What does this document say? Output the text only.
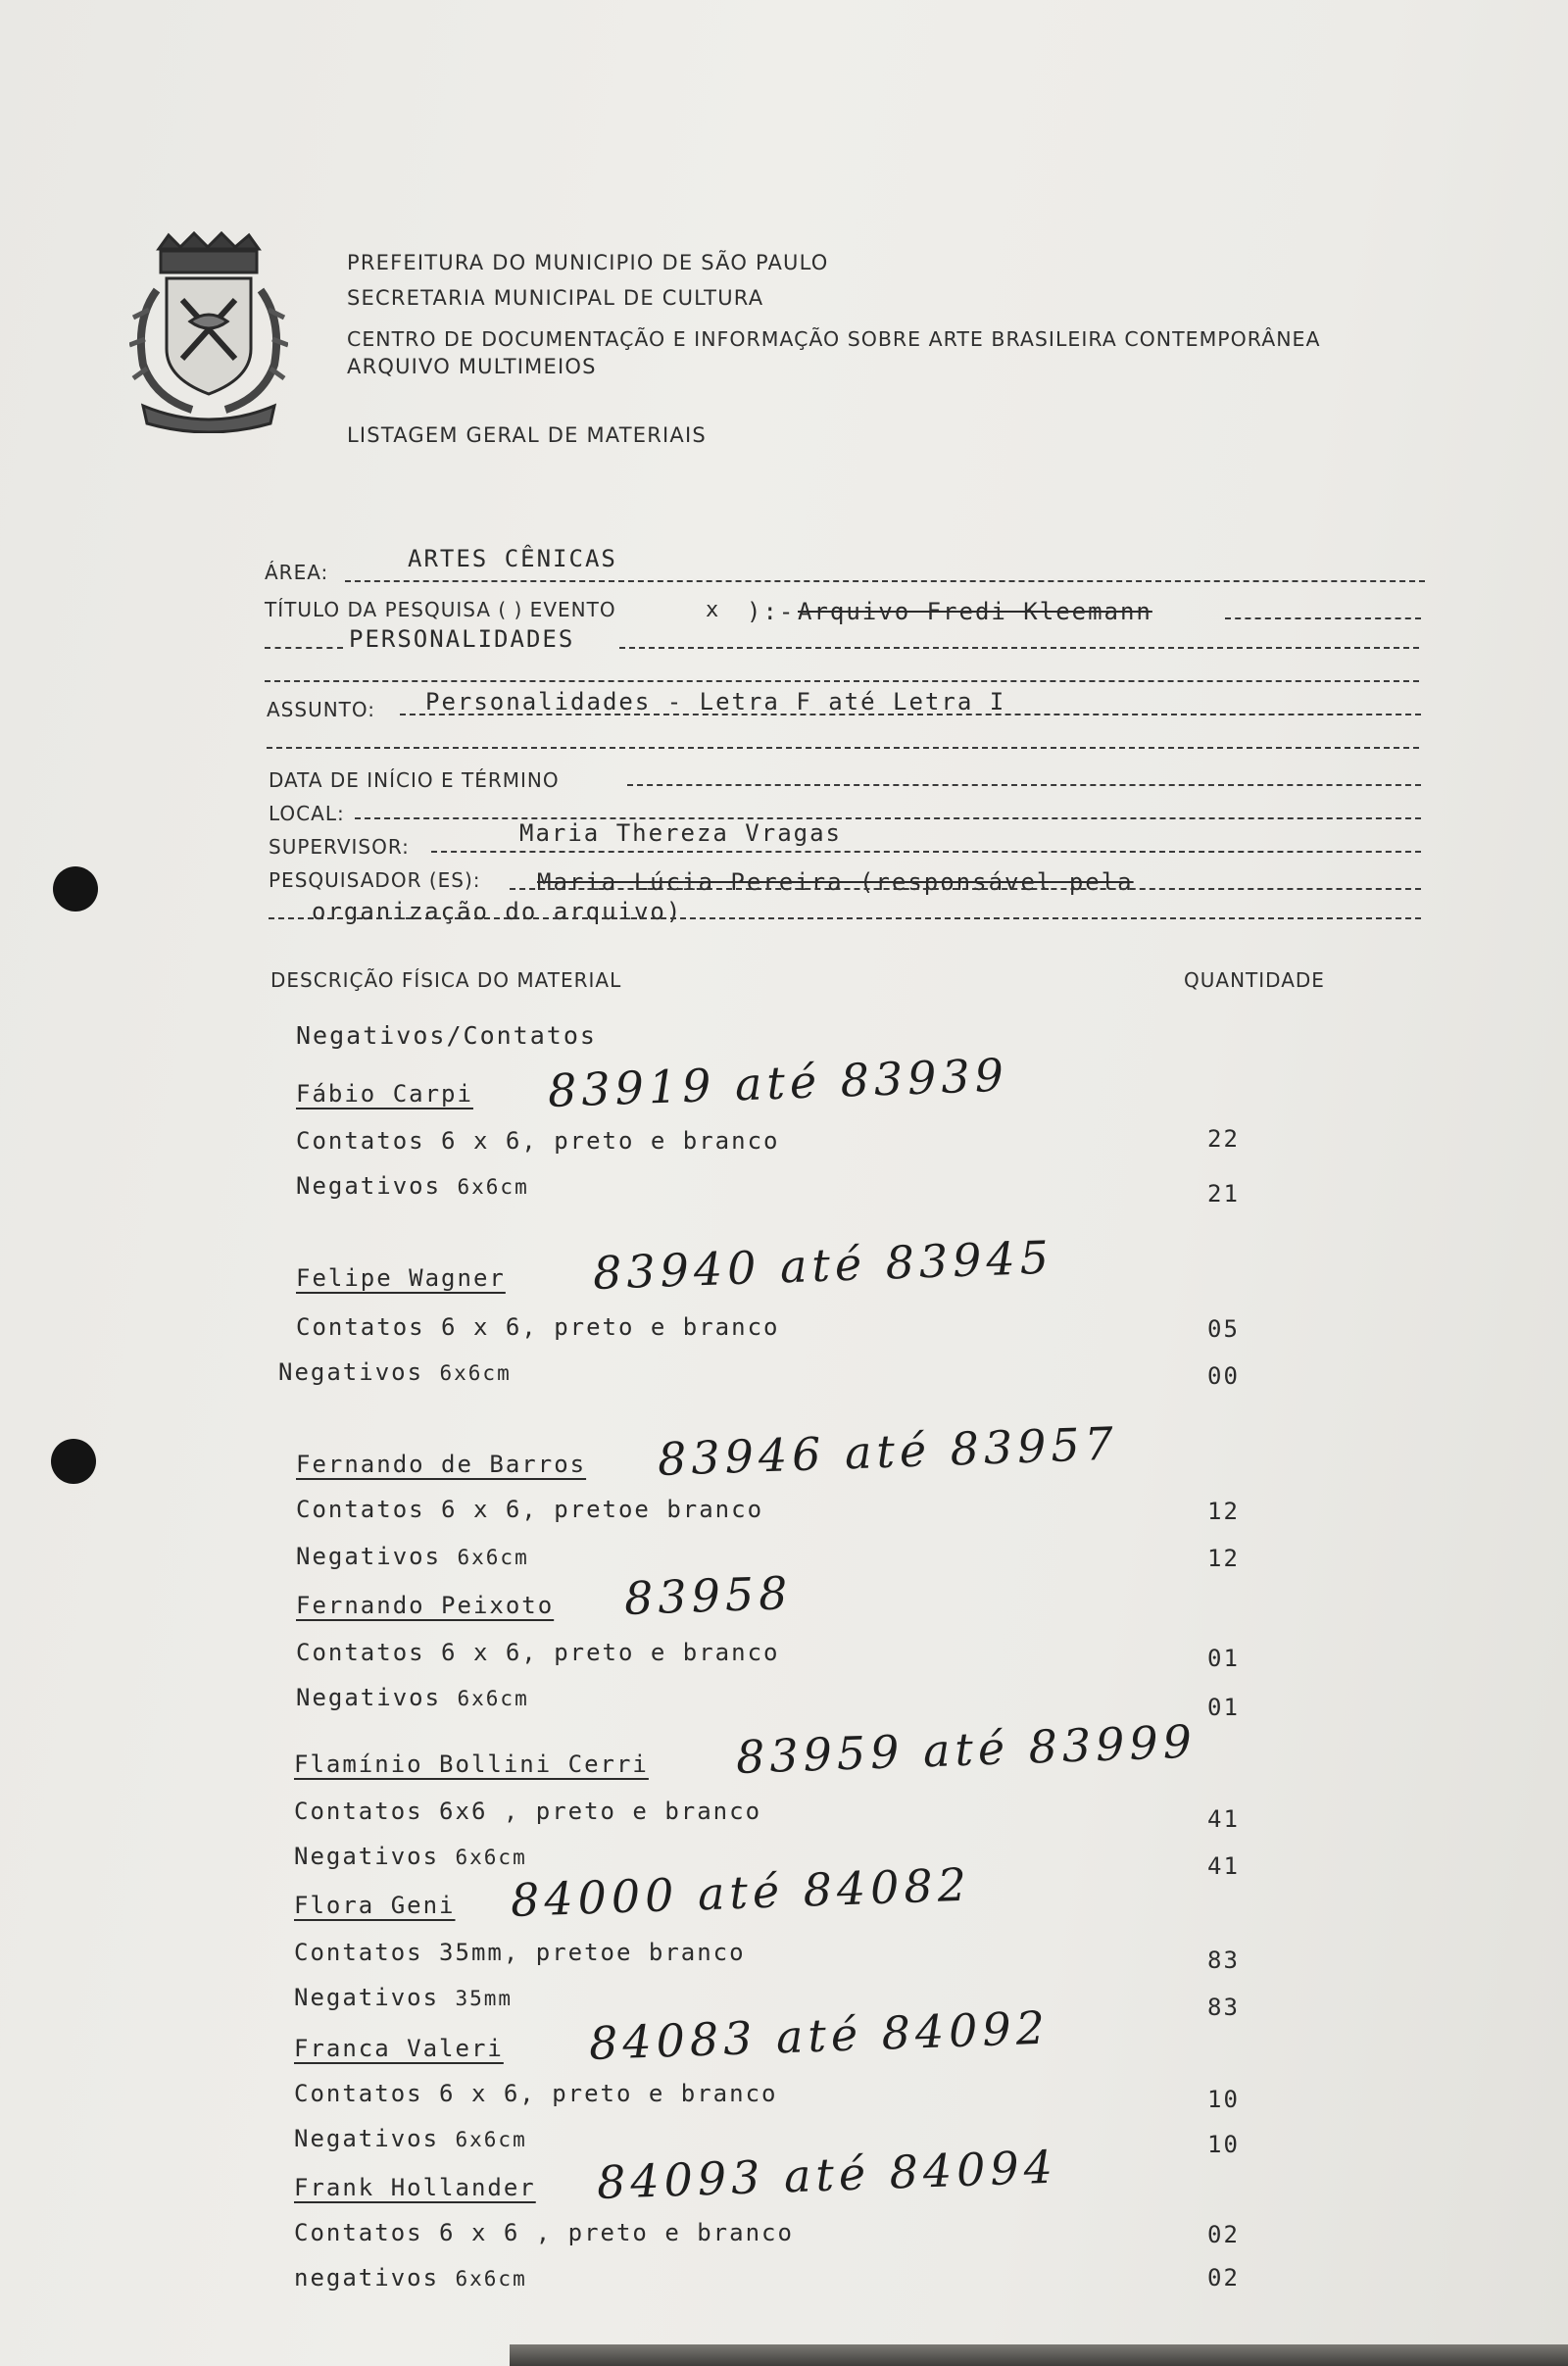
PREFEITURA DO MUNICIPIO DE SÃO PAULO
SECRETARIA MUNICIPAL DE CULTURA
CENTRO DE DOCUMENTAÇÃO E INFORMAÇÃO SOBRE ARTE BRASILEIRA CONTEMPORÂNEA
ARQUIVO MULTIMEIOS
LISTAGEM GERAL DE MATERIAIS
ÁREA:	ARTES CÊNICAS
TÍTULO DA PESQUISA ( ) EVENTO	x ):- Arquivo Fredi Kleemann
PERSONALIDADES
ASSUNTO: Personalidades - Letra F até Letra I
DATA DE INÍCIO E TÉRMINO
LOCAL:
SUPERVISOR:	Maria Thereza Vragas
PESQUISADOR (ES): Maria Lúcia Pereira (responsável pela
organização do arquivo)
DESCRIÇÃO FÍSICA DO MATERIAL	QUANTIDADE
Negativos/Contatos
Fábio Carpi 83919 até 83939
Contatos 6 x 6, preto e branco	22
Negativos 6x6cm	21
Felipe Wagner 83940 até 83945
Contatos 6 x 6, preto e branco	05
Negativos 6x6cm	00
Fernando de Barros 83946 até 83957
Contatos 6 x 6, pretoe branco	12
Negativos 6x6cm	12
Fernando Peixoto 83958
Contatos 6 x 6, preto e branco	01
Negativos 6x6cm	01
Flamínio Bollini Cerri 83959 até 83999
Contatos 6x6 , preto e branco	41
Negativos 6x6cm	41
Flora Geni 84000 até 84082
Contatos 35mm, pretoe branco	83
Negativos 35mm	83
Franca Valeri 84083 até 84092
Contatos 6 x 6, preto e branco	10
Negativos 6x6cm	10
Frank Hollander 84093 até 84094
Contatos 6 x 6 , preto e branco	02
negativos 6x6cm	02
